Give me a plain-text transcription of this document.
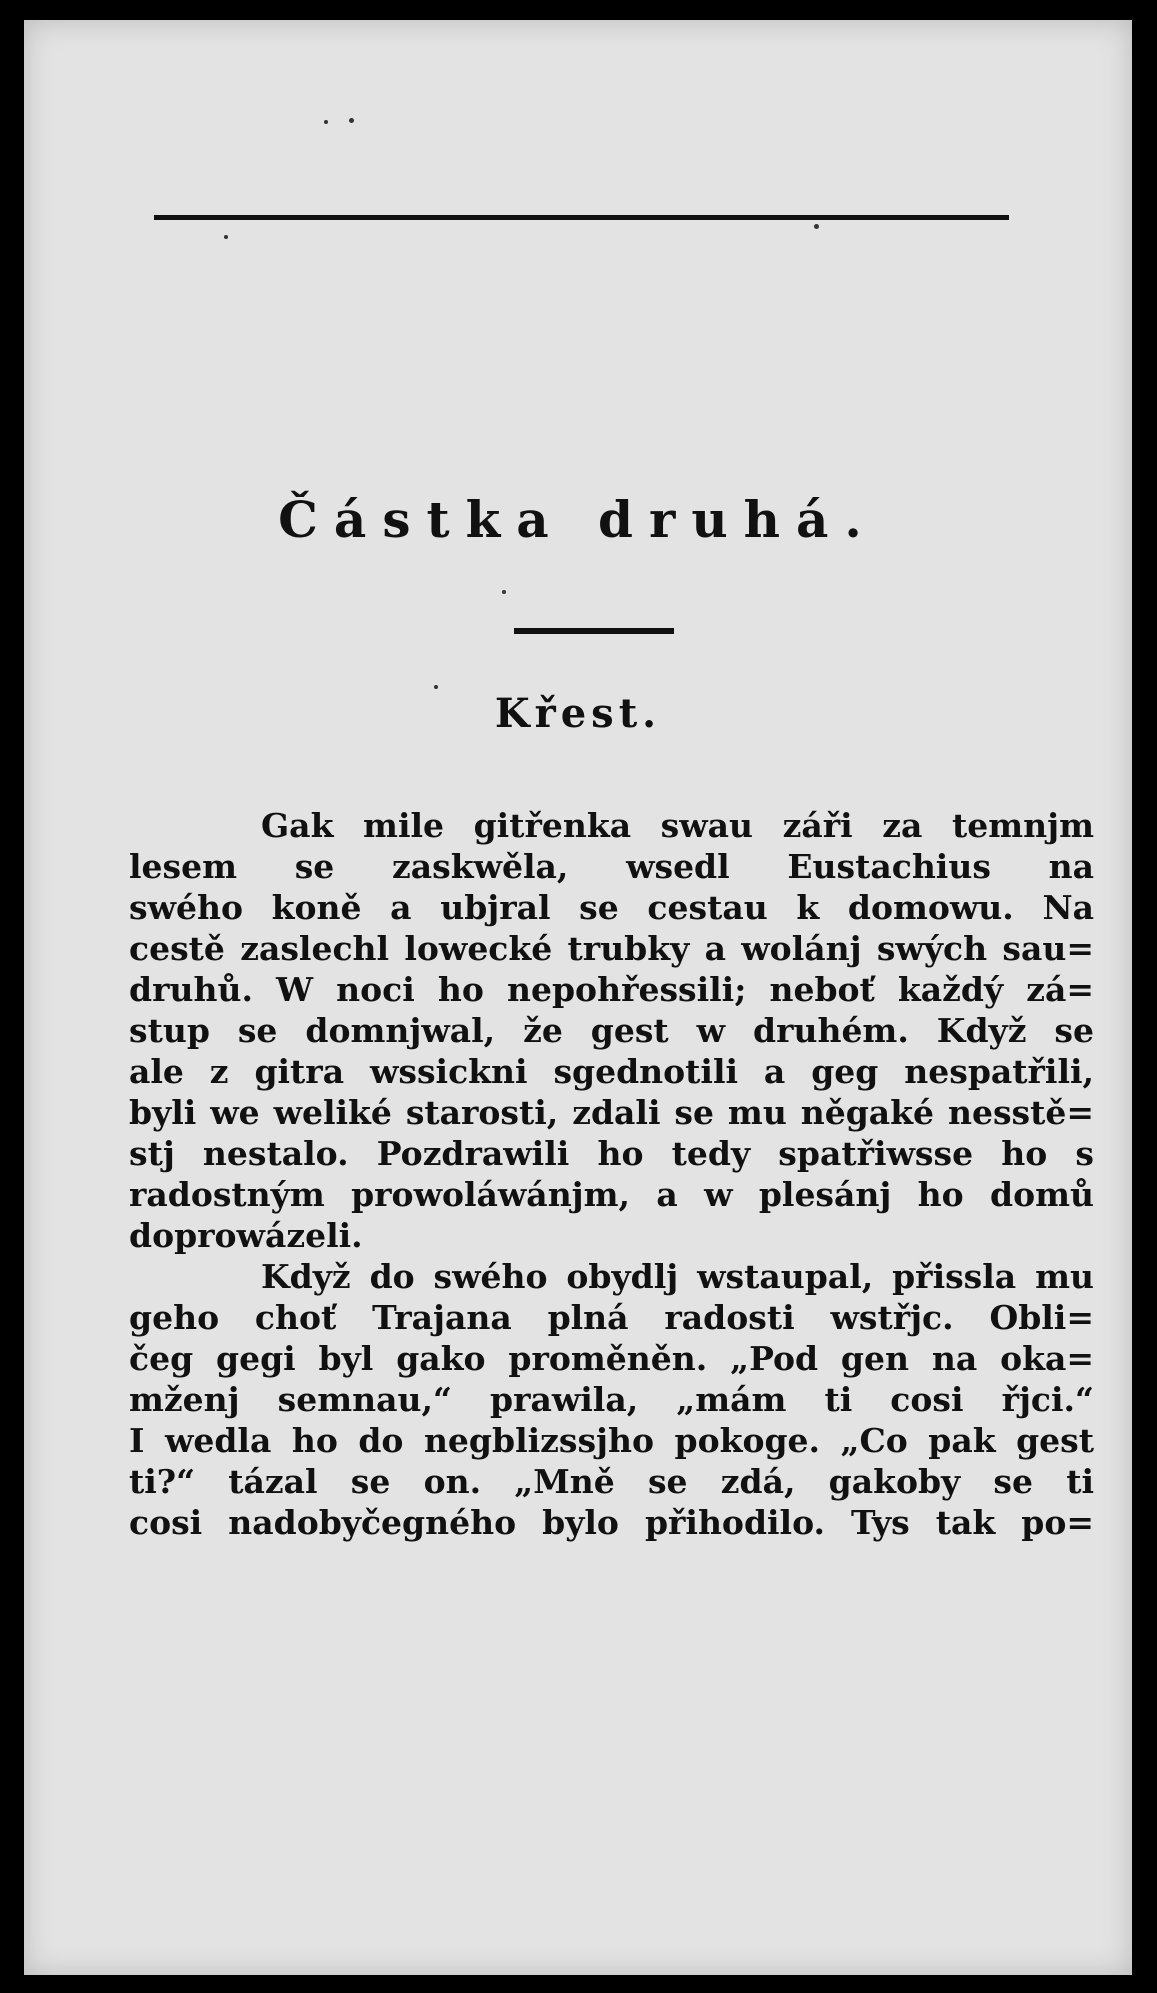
Částka druhá.
Křest.
Gak mile gitřenka swau záři za temnjm
lesem se zaskwěla, wsedl Eustachius na
swého koně a ubjral se cestau k domowu. Na
cestě zaslechl lowecké trubky a wolánj swých sau=
druhů. W noci ho nepohřessili; neboť každý zá=
stup se domnjwal, že gest w druhém. Když se
ale z gitra wssickni sgednotili a geg nespatřili,
byli we weliké starosti, zdali se mu něgaké nesstě=
stj nestalo. Pozdrawili ho tedy spatřiwsse ho s
radostným prowoláwánjm, a w plesánj ho domů
doprowázeli.
Když do swého obydlj wstaupal, přissla mu
geho choť Trajana plná radosti wstřjc. Obli=
čeg gegi byl gako proměněn. „Pod gen na oka=
mženj semnau,“ prawila, „mám ti cosi řjci.“
I wedla ho do negblizssjho pokoge. „Co pak gest
ti?“ tázal se on. „Mně se zdá, gakoby se ti
cosi nadobyčegného bylo přihodilo. Tys tak po=
